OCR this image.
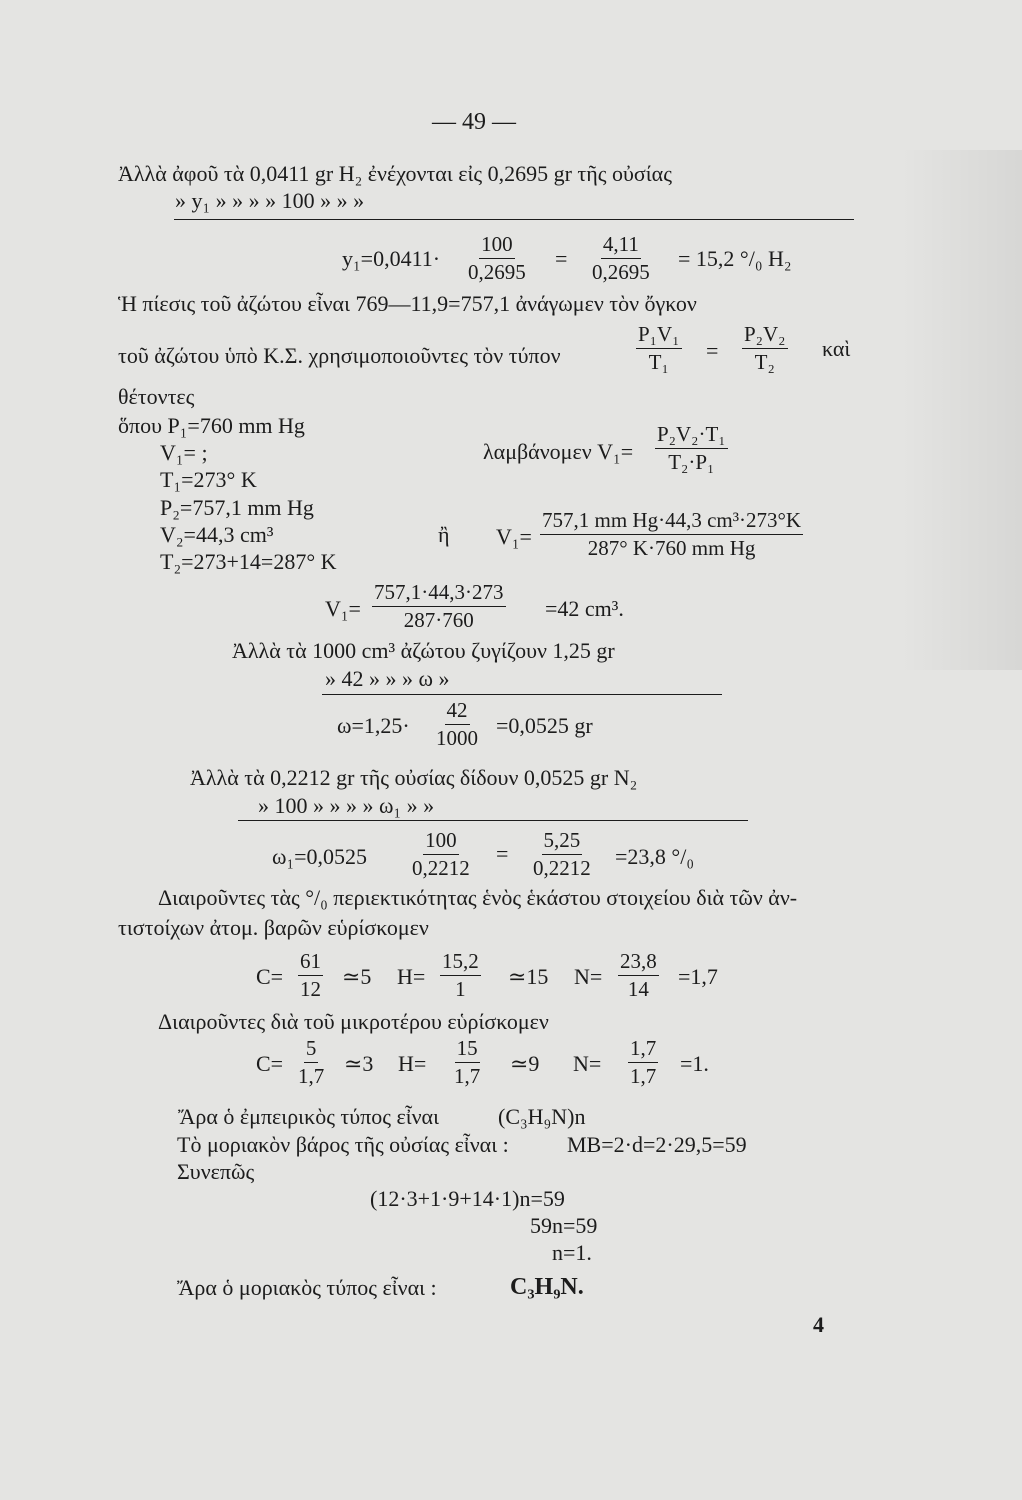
— 49 —
Ἀλλὰ ἀφοῦ τὰ 0,0411 gr H₂ ἐνέχονται εἰς 0,2695 gr τῆς οὐσίας
» y₁ » » » » 100 » » »
$y_1=0,0411\cdot \frac{100}{0,2695} = \frac{4,11}{0,2695} = 15,2$ °/₀ H₂
Ἡ πίεσις τοῦ ἀζώτου εἶναι 769—11,9=757,1 ἀνάγωμεν τὸν ὄγκον
τοῦ ἀζώτου ὑπὸ Κ.Σ. χρησιμοποιοῦντες τὸν τύπον	$\frac{\text{P₁V₁}}{\text{T₁}} = \frac{\text{P₂V₂}}{\text{T₂}}$ καὶ
θέτοντες
ὅπου P₁=760 mm Hg
V₁= ;
T₁=273° K
P₂=757,1 mm Hg
V₂=44,3 cm³
T₂=273+14=287° K
λαμβάνομεν $V_1= \frac{\text{P₂V₂·T₁}}{\text{T₂·P₁}}$
ἢ $V_1= \frac{\text{757,1 mm Hg·44,3 cm³·273°K}}{\text{287° K·760 mm Hg}}$
$V_1= \frac{757,1\cdot 44,3\cdot 273}{287\cdot 760} =42$ cm³.
Ἀλλὰ τὰ 1000 cm³ ἀζώτου ζυγίζουν 1,25 gr
» 42 » » » ω »
$\omega=1,25\cdot \frac{42}{1000} =0,0525$ gr
Ἀλλὰ τὰ 0,2212 gr τῆς οὐσίας δίδουν 0,0525 gr N₂
» 100 » » » » ω₁ » »
$\omega_1=0,0525 \frac{100}{0,2212} = \frac{5,25}{0,2212} =23,8$ °/₀
Διαιροῦντες τὰς °/₀ περιεκτικότητας ἑνὸς ἑκάστου στοιχείου διὰ τῶν ἀν-
τιστοίχων ἀτομ. βαρῶν εὑρίσκομεν
$C= \frac{61}{12}$ ≃5 $H= \frac{15,2}{1}$ ≃15 $N= \frac{23,8}{14} =1,7$
Διαιροῦντες διὰ τοῦ μικροτέρου εὑρίσκομεν
$C= \frac{5}{1,7}$ ≃3 $H= \frac{15}{1,7}$ ≃9 $N= \frac{1,7}{1,7} =1$.
Ἄρα ὁ ἐμπειρικὸς τύπος εἶναι	(C₃H₉N)n
Τὸ μοριακὸν βάρος τῆς οὐσίας εἶναι :	MB=2·d=2·29,5=59
Συνεπῶς
(12·3+1·9+14·1)n=59
59n=59
n=1.
Ἄρα ὁ μοριακὸς τύπος εἶναι :	C₃H₉N.
4
